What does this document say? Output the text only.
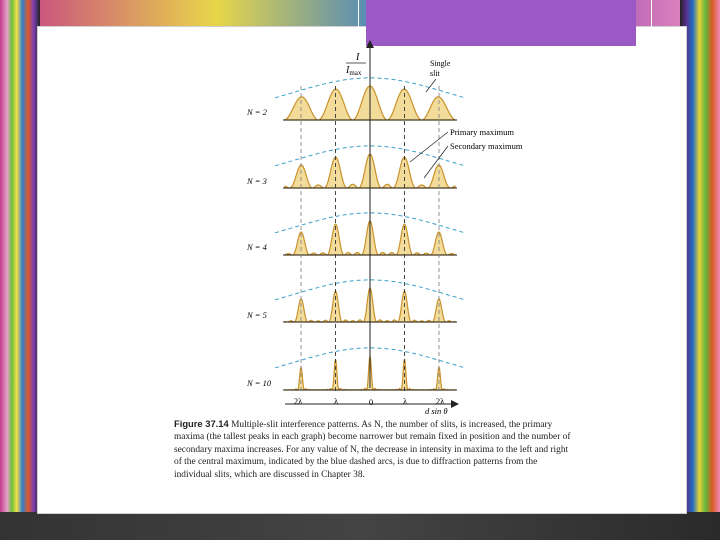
I
$I_{max}$
Single
slit
Primary maximum
Secondary maximum
2λ	λ	0	λ	2λ
d sin θ
N = 2
N = 3
N = 4
N = 5
N = 10
Figure 37.14 Multiple-slit interference patterns. As N, the number of slits, is increased, the primary maxima (the tallest peaks in each graph) become narrower but remain fixed in position and the number of secondary maxima increases. For any value of N, the decrease in intensity in maxima to the left and right of the central maximum, indicated by the blue dashed arcs, is due to diffraction patterns from the individual slits, which are discussed in Chapter 38.
